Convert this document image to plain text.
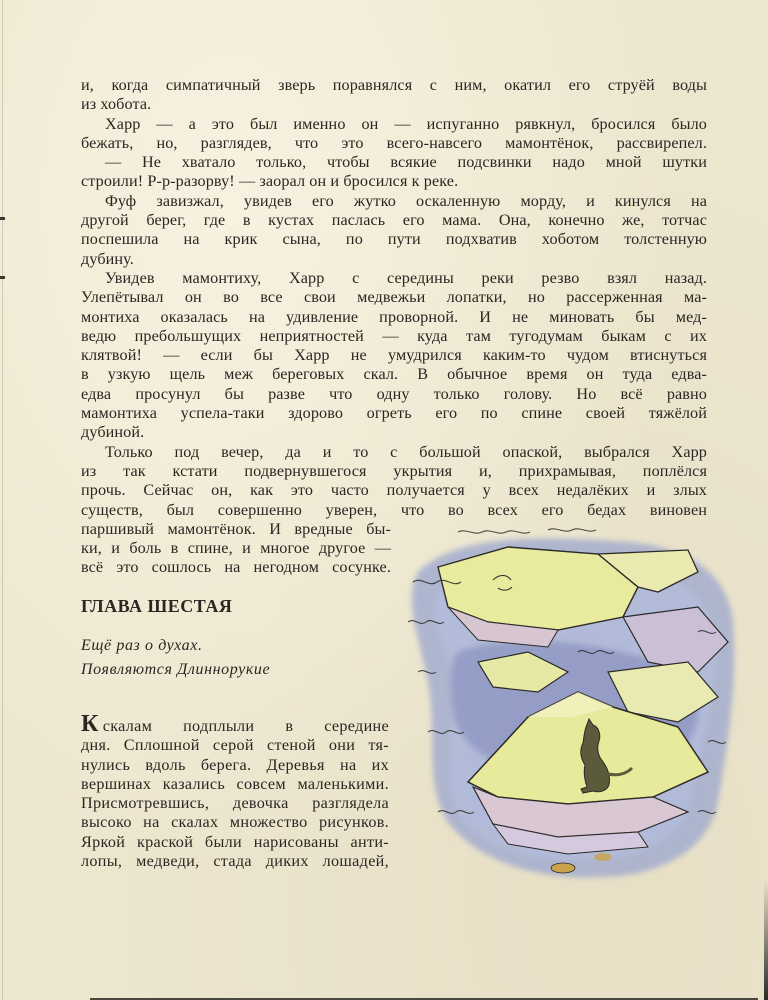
и, когда симпатичный зверь поравнялся с ним, окатил его струёй воды
из хобота.
Харр — а это был именно он — испуганно рявкнул, бросился было
бежать, но, разглядев, что это всего-навсего мамонтёнок, рассвирепел.
— Не хватало только, чтобы всякие подсвинки надо мной шутки
строили! Р-р-разорву! — заорал он и бросился к реке.
Фуф завизжал, увидев его жутко оскаленную морду, и кинулся на
другой берег, где в кустах паслась его мама. Она, конечно же, тотчас
поспешила на крик сына, по пути подхватив хоботом толстенную
дубину.
Увидев мамонтиху, Харр с середины реки резво взял назад.
Улепётывал он во все свои медвежьи лопатки, но рассерженная ма-
монтиха оказалась на удивление проворной. И не миновать бы мед-
ведю пребольшущих неприятностей — куда там тугодумам быкам с их
клятвой! — если бы Харр не умудрился каким-то чудом втиснуться
в узкую щель меж береговых скал. В обычное время он туда едва-
едва просунул бы разве что одну только голову. Но всё равно
мамонтиха успела-таки здорово огреть его по спине своей тяжёлой
дубиной.
Только под вечер, да и то с большой опаской, выбрался Харр
из так кстати подвернувшегося укрытия и, прихрамывая, поплёлся
прочь. Сейчас он, как это часто получается у всех недалёких и злых
существ, был совершенно уверен, что во всех его бедах виновен
паршивый мамонтёнок. И вредные бы-
ки, и боль в спине, и многое другое —
всё это сошлось на негодном сосунке.
ГЛАВА ШЕСТАЯ
Ещё раз о духах.
Появляются Длиннорукие
К скалам подплыли в середине
дня. Сплошной серой стеной они тя-
нулись вдоль берега. Деревья на их
вершинах казались совсем маленькими.
Присмотревшись, девочка разглядела
высоко на скалах множество рисунков.
Яркой краской были нарисованы анти-
лопы, медведи, стада диких лошадей,
